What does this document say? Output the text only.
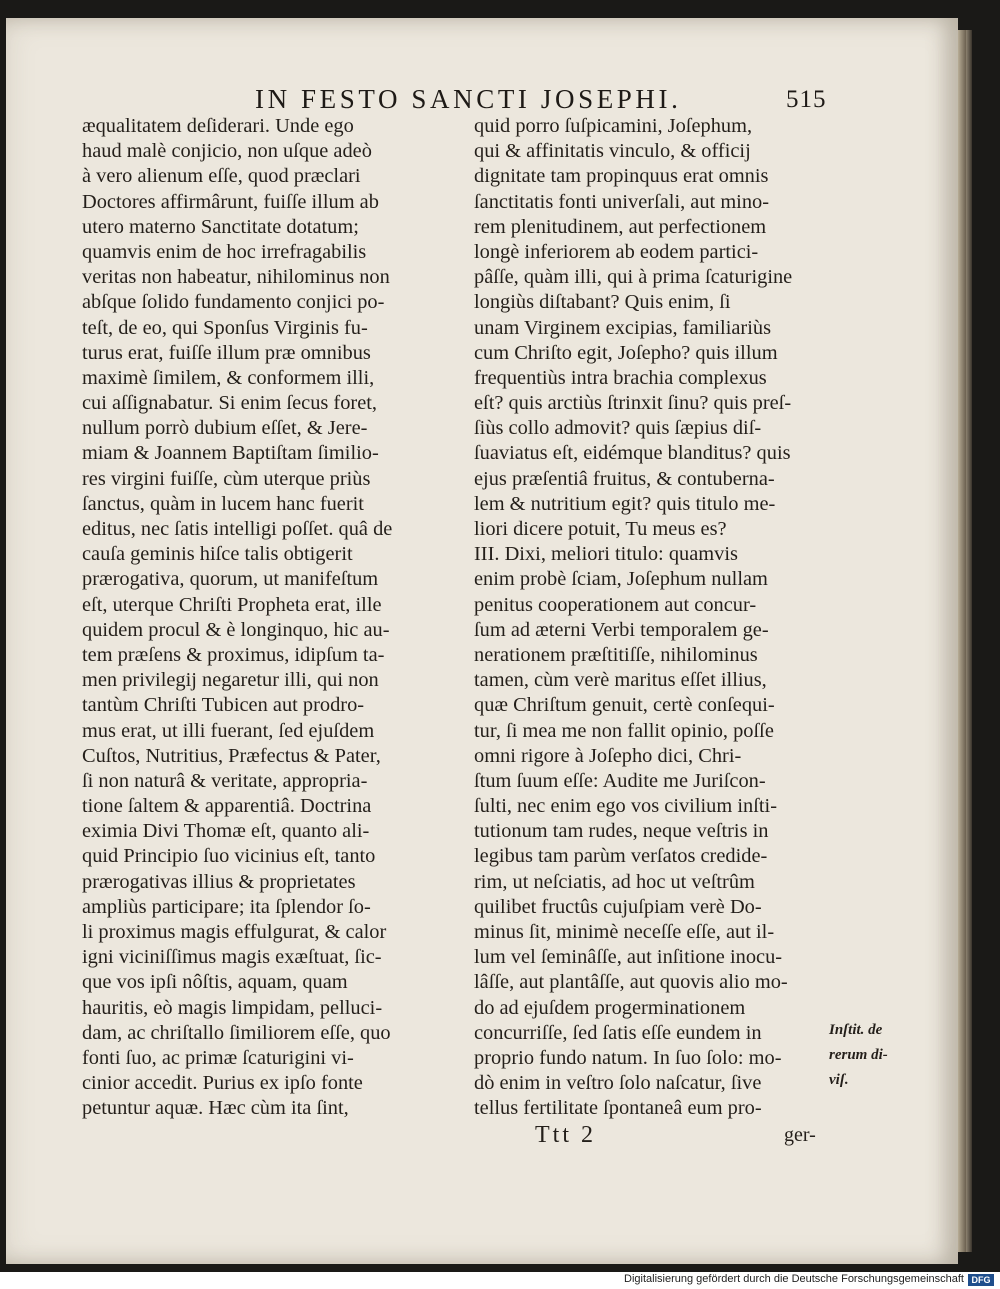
IN FESTO SANCTI JOSEPHI.	515
æqualitatem deſiderari. Unde ego
haud malè conjicio, non uſque adeò
à vero alienum eſſe, quod præclari
Doctores affirmârunt, fuiſſe illum ab
utero materno Sanctitate dotatum;
quamvis enim de hoc irrefragabilis
veritas non habeatur, nihilominus non
abſque ſolido fundamento conjici po-
teſt, de eo, qui Sponſus Virginis fu-
turus erat, fuiſſe illum præ omnibus
maximè ſimilem, & conformem illi,
cui aſſignabatur. Si enim ſecus foret,
nullum porrò dubium eſſet, & Jere-
miam & Joannem Baptiſtam ſimilio-
res virgini fuiſſe, cùm uterque priùs
ſanctus, quàm in lucem hanc fuerit
editus, nec ſatis intelligi poſſet. quâ de
cauſa geminis hiſce talis obtigerit
prærogativa, quorum, ut manifeſtum
eſt, uterque Chriſti Propheta erat, ille
quidem procul & è longinquo, hic au-
tem præſens & proximus, idipſum ta-
men privilegij negaretur illi, qui non
tantùm Chriſti Tubicen aut prodro-
mus erat, ut illi fuerant, ſed ejuſdem
Cuſtos, Nutritius, Præfectus & Pater,
ſi non naturâ & veritate, appropria-
tione ſaltem & apparentiâ. Doctrina
eximia Divi Thomæ eſt, quanto ali-
quid Principio ſuo vicinius eſt, tanto
prærogativas illius & proprietates
ampliùs participare; ita ſplendor ſo-
li proximus magis effulgurat, & calor
igni viciniſſimus magis exæſtuat, ſic-
que vos ipſi nôſtis, aquam, quam
hauritis, eò magis limpidam, pelluci-
dam, ac chriſtallo ſimiliorem eſſe, quo
fonti ſuo, ac primæ ſcaturigini vi-
cinior accedit. Purius ex ipſo fonte
petuntur aquæ. Hæc cùm ita ſint,
quid porro ſuſpicamini, Joſephum,
qui & affinitatis vinculo, & officij
dignitate tam propinquus erat omnis
ſanctitatis fonti univerſali, aut mino-
rem plenitudinem, aut perfectionem
longè inferiorem ab eodem partici-
pâſſe, quàm illi, qui à prima ſcaturigine
longiùs diſtabant? Quis enim, ſi
unam Virginem excipias, familiariùs
cum Chriſto egit, Joſepho? quis illum
frequentiùs intra brachia complexus
eſt? quis arctiùs ſtrinxit ſinu? quis preſ-
ſiùs collo admovit? quis ſæpius diſ-
ſuaviatus eſt, eidémque blanditus? quis
ejus præſentiâ fruitus, & contuberna-
lem & nutritium egit? quis titulo me-
liori dicere potuit, Tu meus es?
III. Dixi, meliori titulo: quamvis
enim probè ſciam, Joſephum nullam
penitus cooperationem aut concur-
ſum ad æterni Verbi temporalem ge-
nerationem præſtitiſſe, nihilominus
tamen, cùm verè maritus eſſet illius,
quæ Chriſtum genuit, certè conſequi-
tur, ſi mea me non fallit opinio, poſſe
omni rigore à Joſepho dici, Chri-
ſtum ſuum eſſe: Audite me Juriſcon-
ſulti, nec enim ego vos civilium inſti-
tutionum tam rudes, neque veſtris in
legibus tam parùm verſatos credide-
rim, ut neſciatis, ad hoc ut veſtrûm
quilibet fructûs cujuſpiam verè Do-
minus ſit, minimè neceſſe eſſe, aut il-
lum vel ſeminâſſe, aut inſitione inocu-
lâſſe, aut plantâſſe, aut quovis alio mo-
do ad ejuſdem progerminationem
concurriſſe, ſed ſatis eſſe eundem in
proprio fundo natum. In ſuo ſolo: mo-
dò enim in veſtro ſolo naſcatur, ſive
tellus fertilitate ſpontaneâ eum pro-
Inſtit. de
rerum di-
viſ.
Ttt 2	ger-
Digitalisierung gefördert durch die Deutsche Forschungsgemeinschaft DFG
